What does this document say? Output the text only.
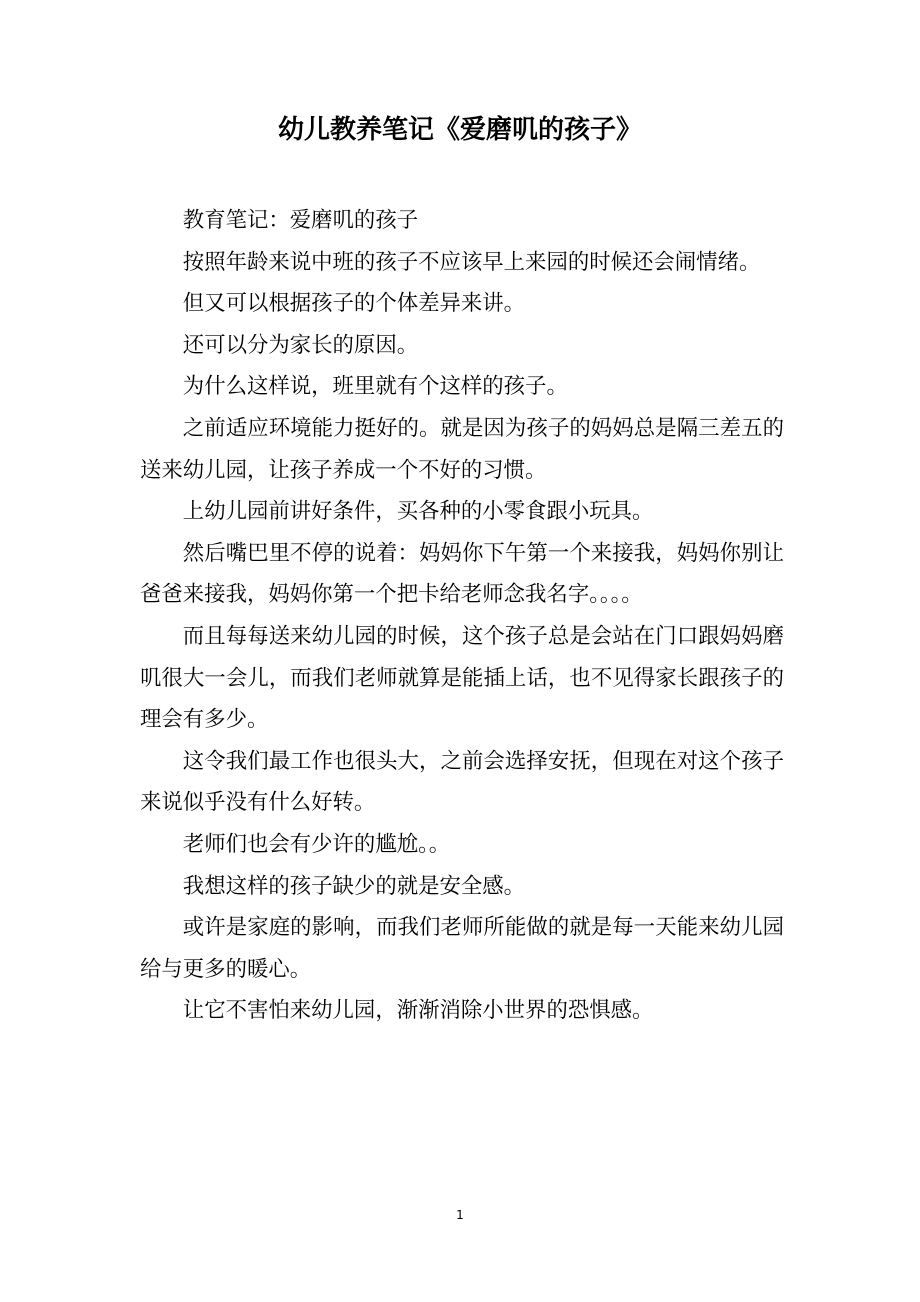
幼儿教养笔记《爱磨叽的孩子》

教育笔记：爱磨叽的孩子

按照年龄来说中班的孩子不应该早上来园的时候还会闹情绪。

但又可以根据孩子的个体差异来讲。

还可以分为家长的原因。

为什么这样说，班里就有个这样的孩子。

之前适应环境能力挺好的。就是因为孩子的妈妈总是隔三差五的送来幼儿园，让孩子养成一个不好的习惯。

上幼儿园前讲好条件，买各种的小零食跟小玩具。

然后嘴巴里不停的说着：妈妈你下午第一个来接我，妈妈你别让爸爸来接我，妈妈你第一个把卡给老师念我名字。。。。

而且每每送来幼儿园的时候，这个孩子总是会站在门口跟妈妈磨叽很大一会儿，而我们老师就算是能插上话，也不见得家长跟孩子的理会有多少。

这令我们最工作也很头大，之前会选择安抚，但现在对这个孩子来说似乎没有什么好转。

老师们也会有少许的尴尬。。

我想这样的孩子缺少的就是安全感。

或许是家庭的影响，而我们老师所能做的就是每一天能来幼儿园给与更多的暖心。

让它不害怕来幼儿园，渐渐消除小世界的恐惧感。

1
